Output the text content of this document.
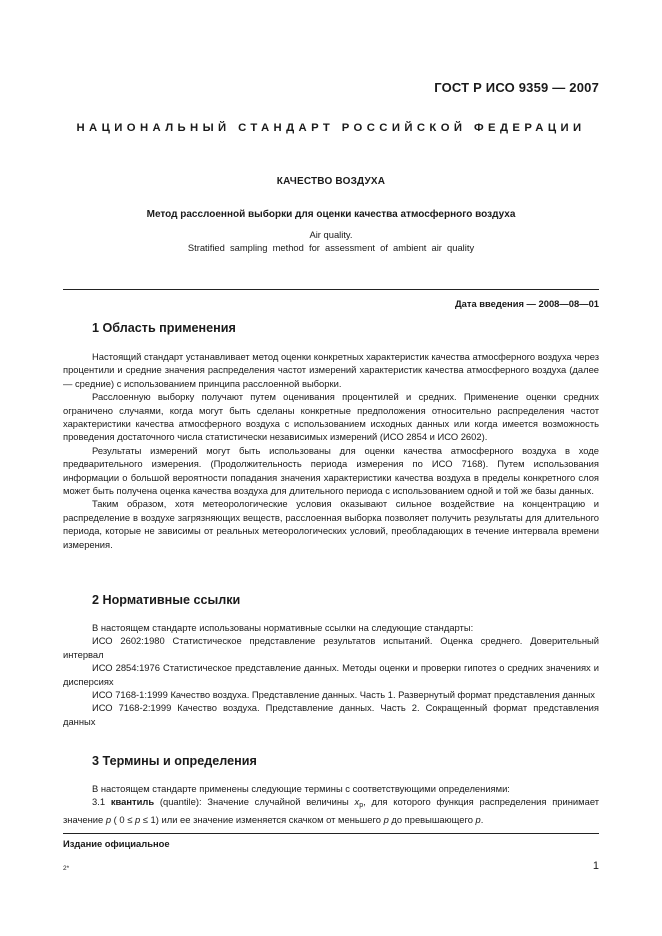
ГОСТ Р ИСО 9359 — 2007
НАЦИОНАЛЬНЫЙ СТАНДАРТ РОССИЙСКОЙ ФЕДЕРАЦИИ
КАЧЕСТВО ВОЗДУХА
Метод расслоенной выборки для оценки качества атмосферного воздуха
Air quality.
Stratified sampling method for assessment of ambient air quality
Дата введения — 2008—08—01
1 Область применения

Настоящий стандарт устанавливает метод оценки конкретных характеристик качества атмосферного воздуха через процентили и средние значения распределения частот измерений характеристик качества атмосферного воздуха (далее — средние) с использованием принципа расслоенной выборки.

Расслоенную выборку получают путем оценивания процентилей и средних. Применение оценки средних ограничено случаями, когда могут быть сделаны конкретные предположения относительно распределения частот характеристики качества атмосферного воздуха с использованием исходных данных или когда имеется возможность проведения достаточного числа статистически независимых измерений (ИСО 2854 и ИСО 2602).

Результаты измерений могут быть использованы для оценки качества атмосферного воздуха в ходе предварительного измерения. (Продолжительность периода измерения по ИСО 7168). Путем использования информации о большой вероятности попадания значения характеристики качества воздуха в пределы конкретного слоя может быть получена оценка качества воздуха для длительного периода с использованием одной и той же базы данных.

Таким образом, хотя метеорологические условия оказывают сильное воздействие на концентрацию и распределение в воздухе загрязняющих веществ, расслоенная выборка позволяет получить результаты для длительного периода, которые не зависимы от реальных метеорологических условий, преобладающих в течение интервала времени измерения.

2 Нормативные ссылки

В настоящем стандарте использованы нормативные ссылки на следующие стандарты:

ИСО 2602:1980 Статистическое представление результатов испытаний. Оценка среднего. Доверительный интервал

ИСО 2854:1976 Статистическое представление данных. Методы оценки и проверки гипотез о средних значениях и дисперсиях

ИСО 7168-1:1999 Качество воздуха. Представление данных. Часть 1. Развернутый формат представления данных

ИСО 7168-2:1999 Качество воздуха. Представление данных. Часть 2. Сокращенный формат представления данных

3 Термины и определения

В настоящем стандарте применены следующие термины с соответствующими определениями:

3.1 квантиль (quantile): Значение случайной величины $x_p$, для которого функция распределения принимает значение p ( 0 ≤ p ≤ 1) или ее значение изменяется скачком от меньшего p до превышающего p.

Издание официальное
2*	1
